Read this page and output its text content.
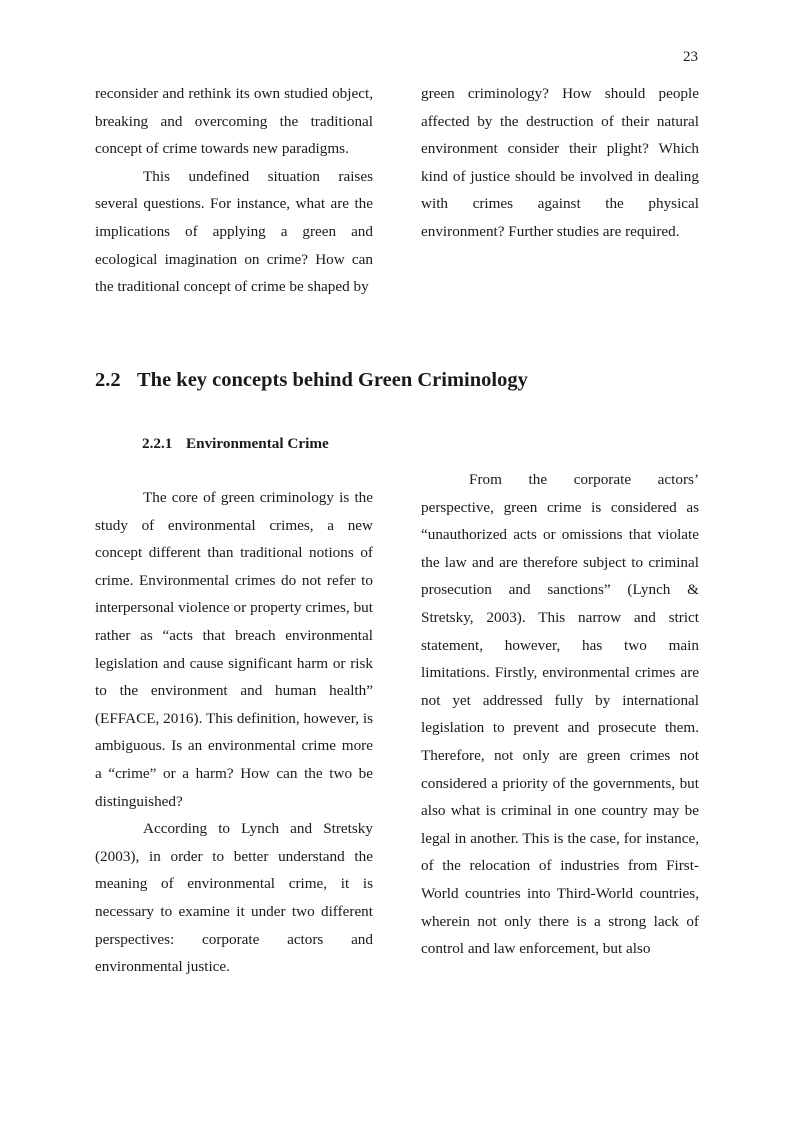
23

reconsider and rethink its own studied object, breaking and overcoming the traditional concept of crime towards new paradigms.

This undefined situation raises several questions. For instance, what are the implications of applying a green and ecological imagination on crime? How can the traditional concept of crime be shaped by

green criminology? How should people affected by the destruction of their natural environment consider their plight? Which kind of justice should be involved in dealing with crimes against the physical environment? Further studies are required.

2.2 The key concepts behind Green Criminology
2.2.1 Environmental Crime

The core of green criminology is the study of environmental crimes, a new concept different than traditional notions of crime. Environmental crimes do not refer to interpersonal violence or property crimes, but rather as “acts that breach environmental legislation and cause significant harm or risk to the environment and human health” (EFFACE, 2016). This definition, however, is ambiguous. Is an environmental crime more a “crime” or a harm? How can the two be distinguished?

According to Lynch and Stretsky (2003), in order to better understand the meaning of environmental crime, it is necessary to examine it under two different perspectives: corporate actors and environmental justice.

From the corporate actors’ perspective, green crime is considered as “unauthorized acts or omissions that violate the law and are therefore subject to criminal prosecution and sanctions” (Lynch & Stretsky, 2003). This narrow and strict statement, however, has two main limitations. Firstly, environmental crimes are not yet addressed fully by international legislation to prevent and prosecute them. Therefore, not only are green crimes not considered a priority of the governments, but also what is criminal in one country may be legal in another. This is the case, for instance, of the relocation of industries from First-World countries into Third-World countries, wherein not only there is a strong lack of control and law enforcement, but also
